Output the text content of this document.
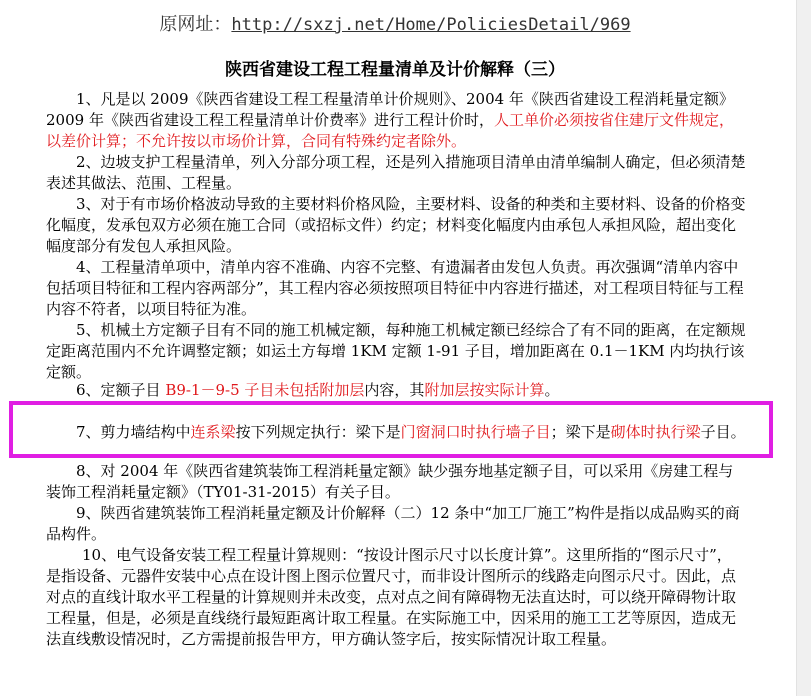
原网址：http://sxzj.net/Home/PoliciesDetail/969
陕西省建设工程工程量清单及计价解释（三）

1、凡是以 2009《陕西省建设工程工程量清单计价规则》、2004 年《陕西省建设工程消耗量定额》2009 年《陕西省建设工程工程量清单计价费率》进行工程计价时，人工单价必须按省住建厅文件规定，以差价计算；不允许按以市场价计算，合同有特殊约定者除外。

2、边坡支护工程量清单，列入分部分项工程，还是列入措施项目清单由清单编制人确定，但必须清楚表述其做法、范围、工程量。

3、对于有市场价格波动导致的主要材料价格风险，主要材料、设备的种类和主要材料、设备的价格变化幅度，发承包双方必须在施工合同（或招标文件）约定；材料变化幅度内由承包人承担风险，超出变化幅度部分有发包人承担风险。

4、工程量清单项中，清单内容不准确、内容不完整、有遗漏者由发包人负责。再次强调“清单内容中包括项目特征和工程内容两部分”，其工程内容必须按照项目特征中内容进行描述，对工程项目特征与工程内容不符者，以项目特征为准。

5、机械土方定额子目有不同的施工机械定额，每种施工机械定额已经综合了有不同的距离，在定额规定距离范围内不允许调整定额；如运土方每增 1KM 定额 1-91 子目，增加距离在 0.1－1KM 内均执行该定额。

6、定额子目 B9-1－9-5 子目未包括附加层内容，其附加层按实际计算。

7、剪力墙结构中连系梁按下列规定执行：梁下是门窗洞口时执行墙子目；梁下是砌体时执行梁子目。

8、对 2004 年《陕西省建筑装饰工程消耗量定额》缺少强夯地基定额子目，可以采用《房建工程与装饰工程消耗量定额》（TY01-31-2015）有关子目。

9、陕西省建筑装饰工程消耗量定额及计价解释（二）12 条中“加工厂施工”构件是指以成品购买的商品构件。

10、电气设备安装工程工程量计算规则：“按设计图示尺寸以长度计算”。这里所指的“图示尺寸”，是指设备、元器件安装中心点在设计图上图示位置尺寸，而非设计图所示的线路走向图示尺寸。因此，点对点的直线计取水平工程量的计算规则并未改变，点对点之间有障碍物无法直达时，可以绕开障碍物计取工程量，但是，必须是直线绕行最短距离计取工程量。在实际施工中，因采用的施工工艺等原因，造成无法直线敷设情况时，乙方需提前报告甲方，甲方确认签字后，按实际情况计取工程量。
